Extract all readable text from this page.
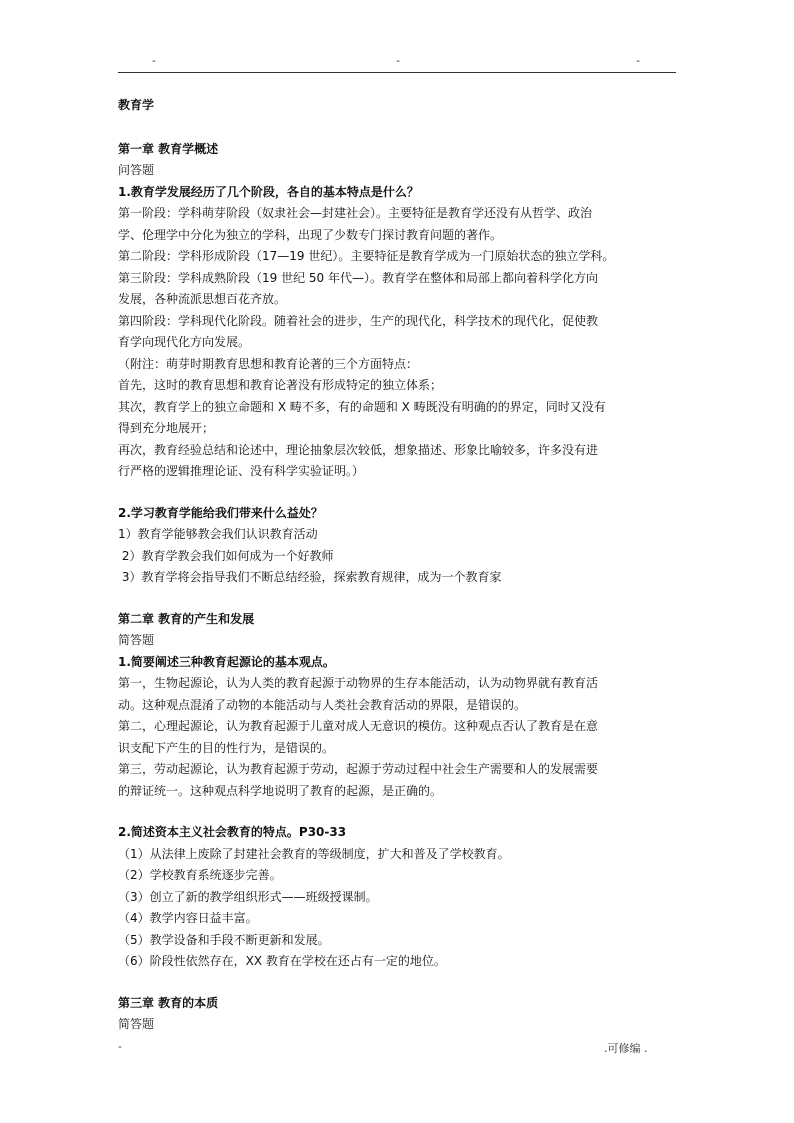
-	-	-

教育学

第一章 教育学概述

问答题

1.教育学发展经历了几个阶段，各自的基本特点是什么？

第一阶段：学科萌芽阶段（奴隶社会—封建社会）。主要特征是教育学还没有从哲学、政治

学、伦理学中分化为独立的学科，出现了少数专门探讨教育问题的著作。

第二阶段：学科形成阶段（17—19 世纪）。主要特征是教育学成为一门原始状态的独立学科。

第三阶段：学科成熟阶段（19 世纪 50 年代—）。教育学在整体和局部上都向着科学化方向

发展，各种流派思想百花齐放。

第四阶段：学科现代化阶段。随着社会的进步，生产的现代化，科学技术的现代化，促使教

育学向现代化方向发展。

（附注：萌芽时期教育思想和教育论著的三个方面特点：

首先，这时的教育思想和教育论著没有形成特定的独立体系；

其次，教育学上的独立命题和 X 畴不多，有的命题和 X 畴既没有明确的的界定，同时又没有

得到充分地展开；

再次，教育经验总结和论述中，理论抽象层次较低，想象描述、形象比喻较多，许多没有进

行严格的逻辑推理论证、没有科学实验证明。）

2.学习教育学能给我们带来什么益处？

1）教育学能够教会我们认识教育活动

2）教育学教会我们如何成为一个好教师

3）教育学将会指导我们不断总结经验，探索教育规律，成为一个教育家

第二章 教育的产生和发展

简答题

1.简要阐述三种教育起源论的基本观点。

第一，生物起源论，认为人类的教育起源于动物界的生存本能活动，认为动物界就有教育活

动。这种观点混淆了动物的本能活动与人类社会教育活动的界限，是错误的。

第二，心理起源论，认为教育起源于儿童对成人无意识的模仿。这种观点否认了教育是在意

识支配下产生的目的性行为，是错误的。

第三，劳动起源论，认为教育起源于劳动，起源于劳动过程中社会生产需要和人的发展需要

的辩证统一。这种观点科学地说明了教育的起源，是正确的。

2.简述资本主义社会教育的特点。P30-33

（1）从法律上废除了封建社会教育的等级制度，扩大和普及了学校教育。

（2）学校教育系统逐步完善。

（3）创立了新的教学组织形式——班级授课制。

（4）教学内容日益丰富。

（5）教学设备和手段不断更新和发展。

（6）阶段性依然存在，XX 教育在学校在还占有一定的地位。

第三章 教育的本质

简答题

-	.可修编 .
